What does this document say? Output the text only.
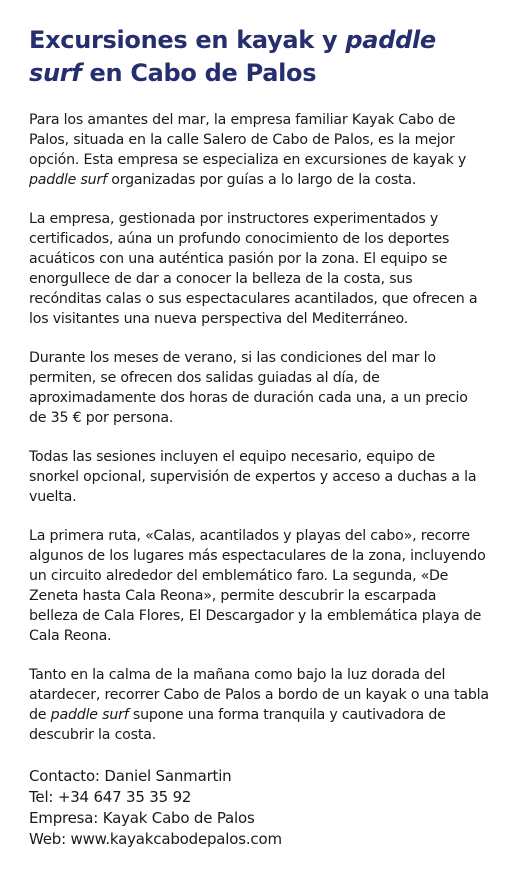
Excursiones en kayak y paddle surf en Cabo de Palos

Para los amantes del mar, la empresa familiar Kayak Cabo de Palos, situada en la calle Salero de Cabo de Palos, es la mejor opción. Esta empresa se especializa en excursiones de kayak y paddle surf organizadas por guías a lo largo de la costa.

La empresa, gestionada por instructores experimentados y certificados, aúna un profundo conocimiento de los deportes acuáticos con una auténtica pasión por la zona. El equipo se enorgullece de dar a conocer la belleza de la costa, sus recónditas calas o sus espectaculares acantilados, que ofrecen a los visitantes una nueva perspectiva del Mediterráneo.

Durante los meses de verano, si las condiciones del mar lo permiten, se ofrecen dos salidas guiadas al día, de aproximadamente dos horas de duración cada una, a un precio de 35 € por persona.

Todas las sesiones incluyen el equipo necesario, equipo de snorkel opcional, supervisión de expertos y acceso a duchas a la vuelta.

La primera ruta, «Calas, acantilados y playas del cabo», recorre algunos de los lugares más espectaculares de la zona, incluyendo un circuito alrededor del emblemático faro. La segunda, «De Zeneta hasta Cala Reona», permite descubrir la escarpada belleza de Cala Flores, El Descargador y la emblemática playa de Cala Reona.

Tanto en la calma de la mañana como bajo la luz dorada del atardecer, recorrer Cabo de Palos a bordo de un kayak o una tabla de paddle surf supone una forma tranquila y cautivadora de descubrir la costa.

Contacto: Daniel Sanmartin
Tel: +34 647 35 35 92
Empresa: Kayak Cabo de Palos
Web: www.kayakcabodepalos.com
